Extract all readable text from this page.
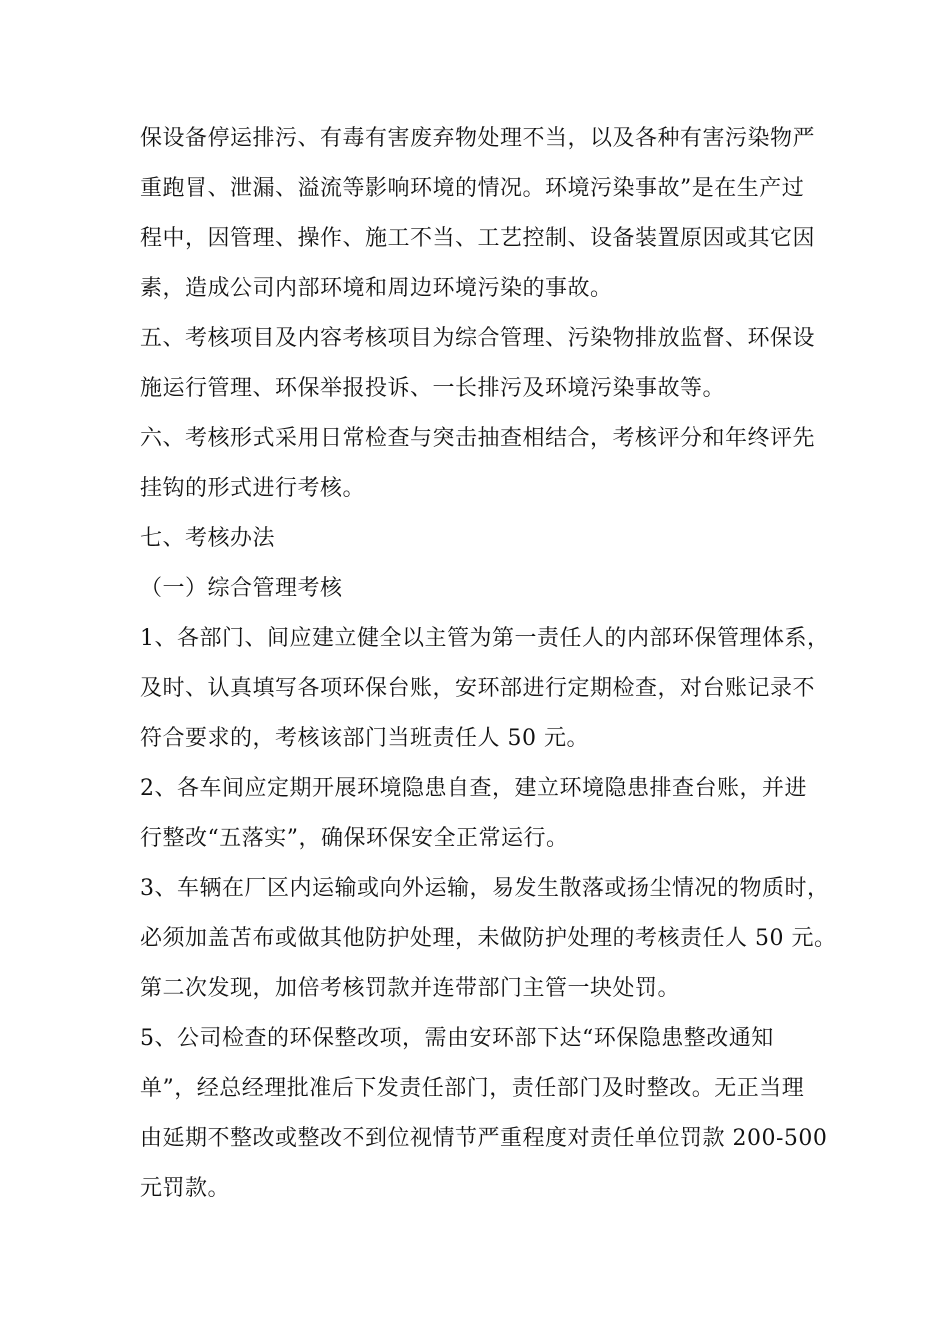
保设备停运排污、有毒有害废弃物处理不当，以及各种有害污染物严
重跑冒、泄漏、溢流等影响环境的情况。环境污染事故”是在生产过
程中，因管理、操作、施工不当、工艺控制、设备装置原因或其它因
素，造成公司内部环境和周边环境污染的事故。
五、考核项目及内容考核项目为综合管理、污染物排放监督、环保设
施运行管理、环保举报投诉、一长排污及环境污染事故等。
六、考核形式采用日常检查与突击抽查相结合，考核评分和年终评先
挂钩的形式进行考核。
七、考核办法
（一）综合管理考核
1、各部门、间应建立健全以主管为第一责任人的内部环保管理体系，
及时、认真填写各项环保台账，安环部进行定期检查，对台账记录不
符合要求的，考核该部门当班责任人 50 元。
2、各车间应定期开展环境隐患自查，建立环境隐患排查台账，并进
行整改“五落实”，确保环保安全正常运行。
3、车辆在厂区内运输或向外运输，易发生散落或扬尘情况的物质时，
必须加盖苫布或做其他防护处理，未做防护处理的考核责任人 50 元。
第二次发现，加倍考核罚款并连带部门主管一块处罚。
5、公司检查的环保整改项，需由安环部下达“环保隐患整改通知
单”，经总经理批准后下发责任部门，责任部门及时整改。无正当理
由延期不整改或整改不到位视情节严重程度对责任单位罚款 200-500
元罚款。
